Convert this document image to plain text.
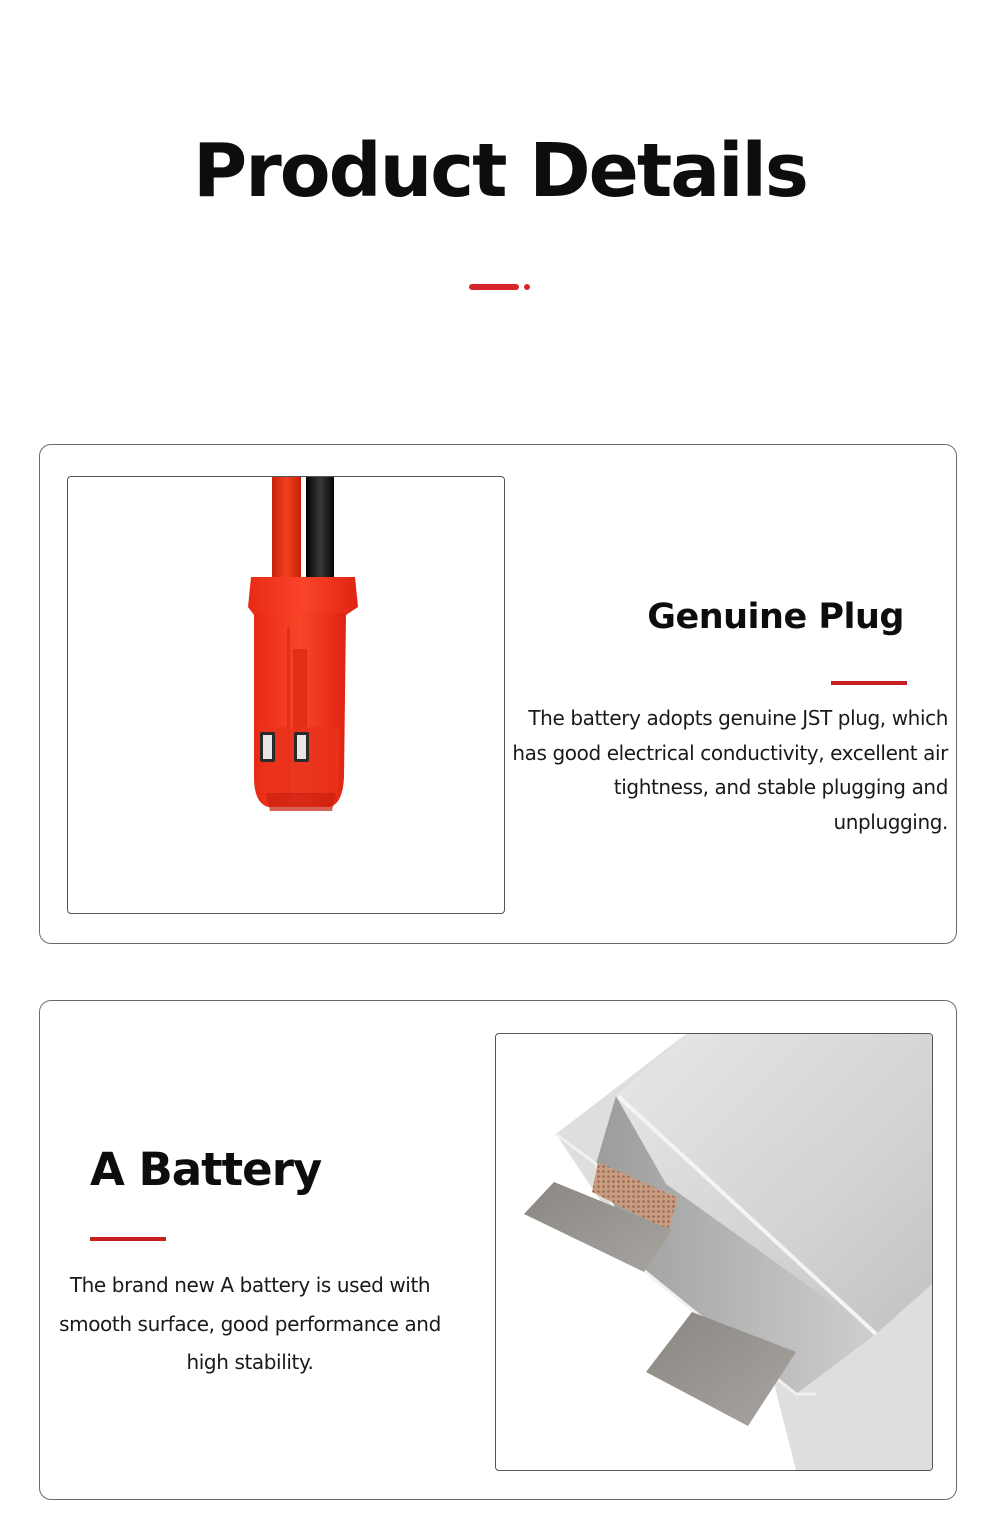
Product Details
Genuine Plug

The battery adopts genuine JST plug, which has good electrical conductivity, excellent air tightness, and stable plugging and unplugging.

A Battery

The brand new A battery is used with smooth surface, good performance and high stability.
